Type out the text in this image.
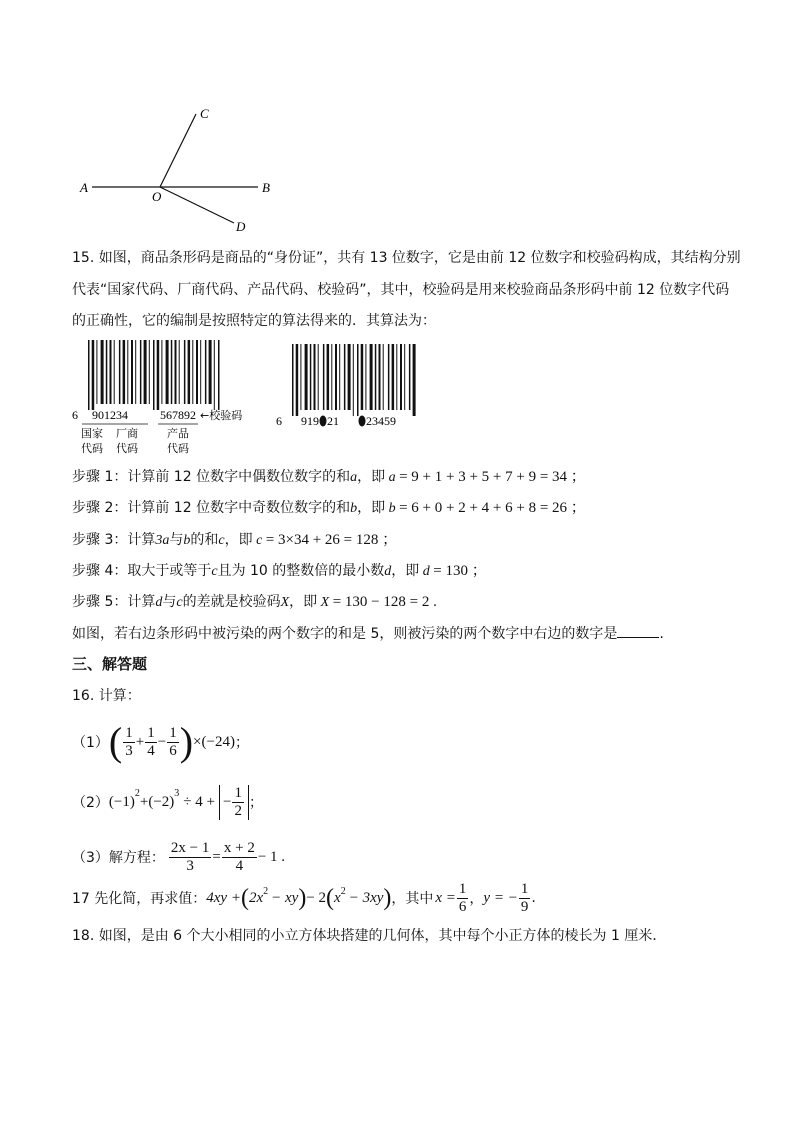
A	B
C
D
O
15. 如图，商品条形码是商品的“身份证”，共有 13 位数字，它是由前 12 位数字和校验码构成，其结构分别
代表“国家代码、厂商代码、产品代码、校验码”，其中，校验码是用来校验商品条形码中前 12 位数字代码
的正确性，它的编制是按照特定的算法得来的．其算法为：
6 901234	567892 ←校验码
国家
代码
厂商
代码
产品
代码
6 919 21 23459
步骤 1：计算前 12 位数字中偶数位数字的和a，即 a = 9 + 1 + 3 + 5 + 7 + 9 = 34 ；
步骤 2：计算前 12 位数字中奇数位数字的和b，即 b = 6 + 0 + 2 + 4 + 6 + 8 = 26 ；
步骤 3：计算3a与b的和c，即 c = 3×34 + 26 = 128 ；
步骤 4：取大于或等于c且为 10 的整数倍的最小数d，即 d = 130 ；
步骤 5：计算d与c的差就是校验码X，即 X = 130 − 128 = 2 .
如图，若右边条形码中被污染的两个数字的和是 5，则被污染的两个数字中右边的数字是	.
三、解答题
16. 计算：
（1） ( $\frac{1}{3} + \frac{1}{4} - \frac{1}{6}$ ) × (−24) ；
（2） $(-1)^2 +(-2)^3 \div 4$ + − $\frac{1}{2}$ ；
（3）解方程： $\frac{2x - 1}{3} = \frac{x + 2}{4} - 1$ .
17 先化简，再求值： 4xy + ( $2x^2$ − xy ) − 2 ( $x^2 - 3xy$ ) ，其中 $x = \frac{1}{6}$ ， y = − $\frac{1}{9}$ .
18. 如图，是由 6 个大小相同的小立方体块搭建的几何体，其中每个小正方体的棱长为 1 厘米．
